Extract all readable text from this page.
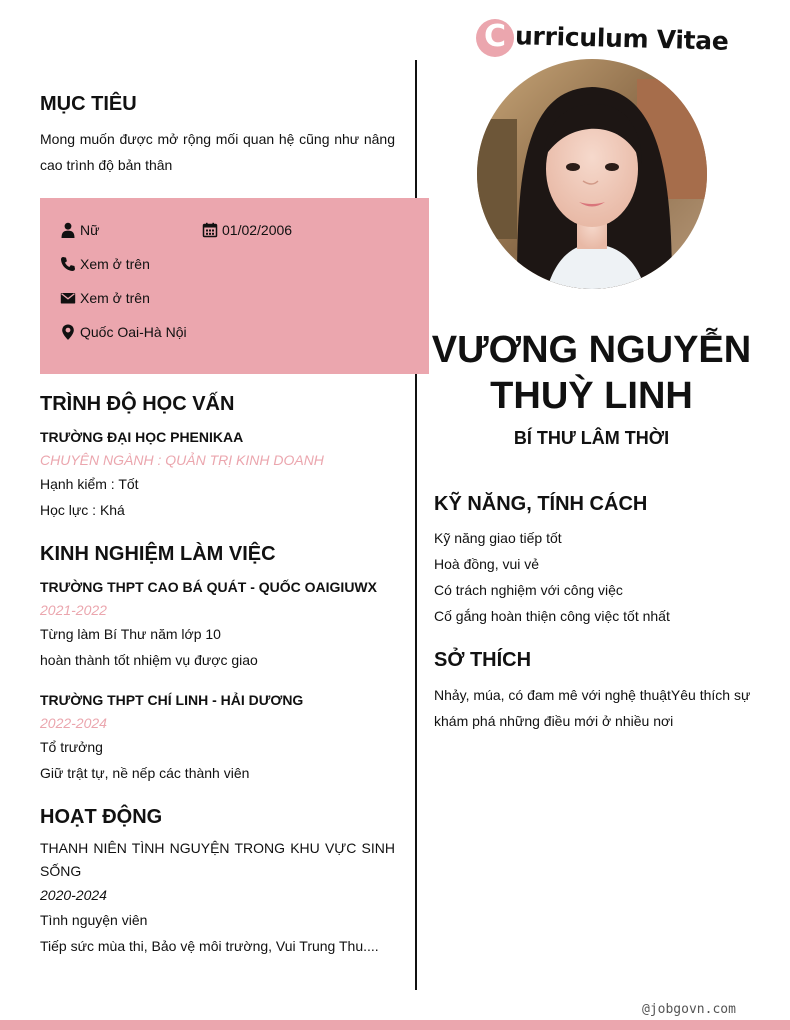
C urriculum Vitae
MỤC TIÊU
Mong muốn được mở rộng mối quan hệ cũng như nâng cao trình độ bản thân
Nữ	01/02/2006
Xem ở trên
Xem ở trên
Quốc Oai-Hà Nội
TRÌNH ĐỘ HỌC VẤN
TRƯỜNG ĐẠI HỌC PHENIKAA
CHUYÊN NGÀNH : QUẢN TRỊ KINH DOANH
Hạnh kiểm : Tốt
Học lực : Khá
KINH NGHIỆM LÀM VIỆC
TRƯỜNG THPT CAO BÁ QUÁT - QUỐC OAIGIUWX
2021-2022
Từng làm Bí Thư năm lớp 10
hoàn thành tốt nhiệm vụ được giao
TRƯỜNG THPT CHÍ LINH - HẢI DƯƠNG
2022-2024
Tổ trưởng
Giữ trật tự, nề nếp các thành viên
HOẠT ĐỘNG
THANH NIÊN TÌNH NGUYỆN TRONG KHU VỰC SINH SỐNG
2020-2024
Tình nguyện viên
Tiếp sức mùa thi, Bảo vệ môi trường, Vui Trung Thu....
VƯƠNG NGUYỄN
THUỲ LINH
BÍ THƯ LÂM THỜI
KỸ NĂNG, TÍNH CÁCH
Kỹ năng giao tiếp tốt
Hoà đồng, vui vẻ
Có trách nghiệm với công việc
Cố gắng hoàn thiện công việc tốt nhất
SỞ THÍCH
Nhảy, múa, có đam mê với nghệ thuậtYêu thích sự khám phá những điều mới ở nhiều nơi
@jobgovn.com
